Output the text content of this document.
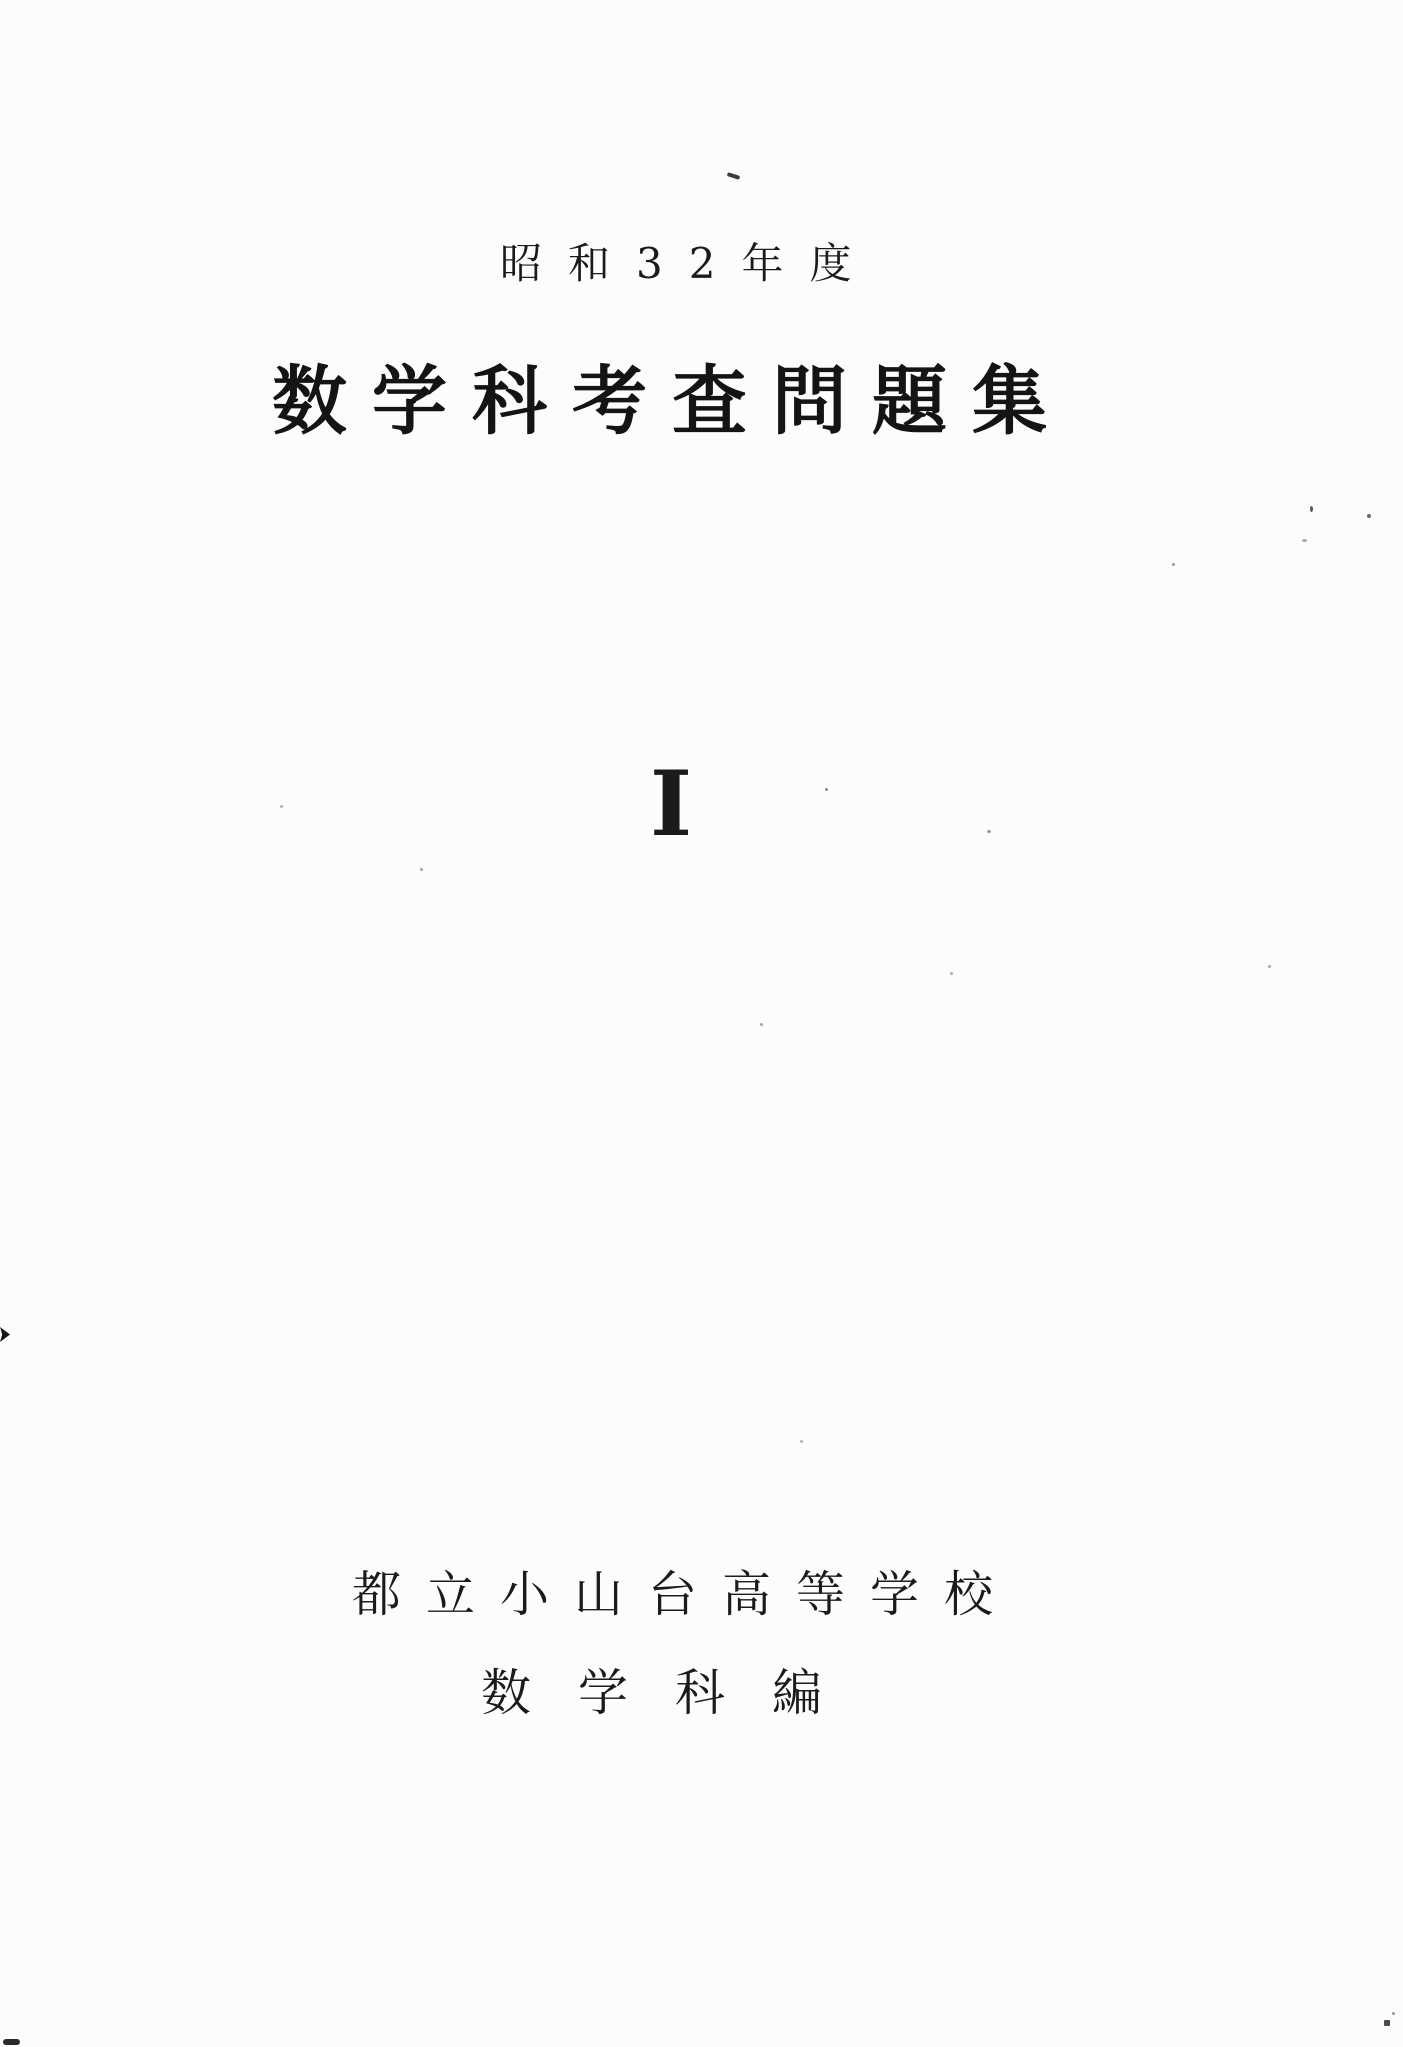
昭和32年度
数学科考査問題集
I
都立小山台高等学校
数学科編
